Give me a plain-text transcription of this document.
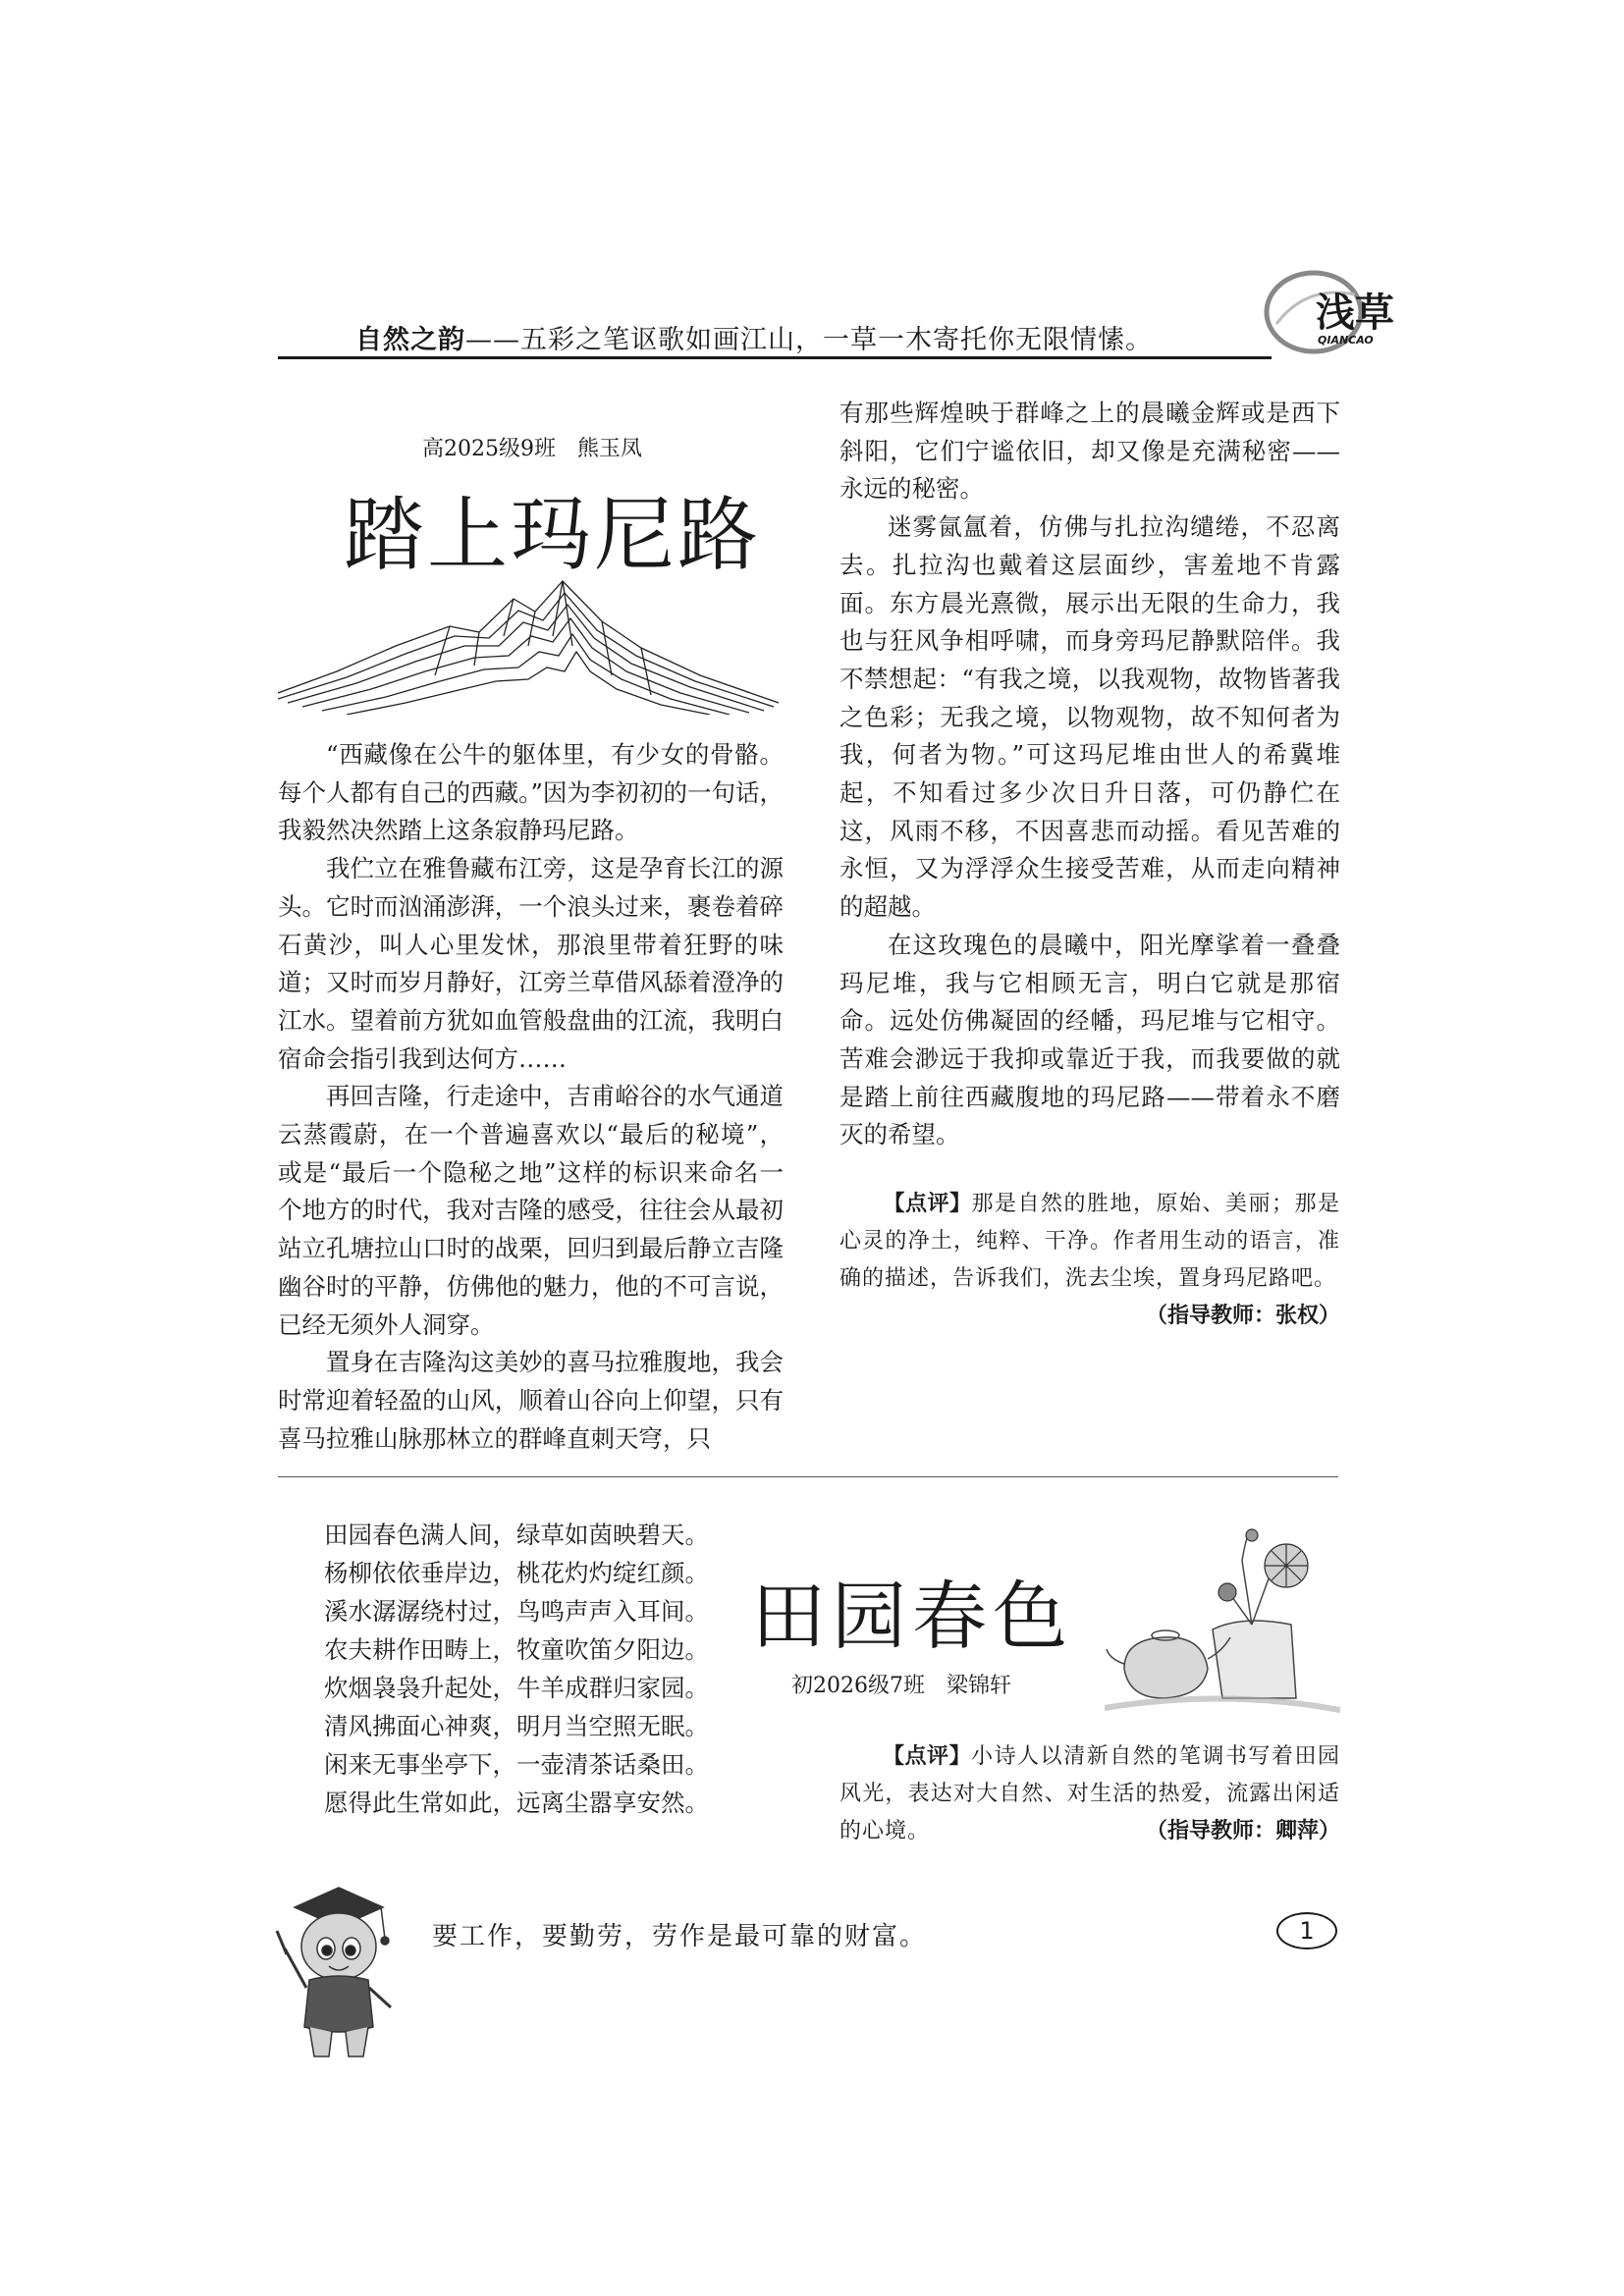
自然之韵——五彩之笔讴歌如画江山，一草一木寄托你无限情愫。
浅草
QIANCAO
高2025级9班　熊玉凤
踏上玛尼路

“西藏像在公牛的躯体里，有少女的骨骼。每个人都有自己的西藏。”因为李初初的一句话，我毅然决然踏上这条寂静玛尼路。

我伫立在雅鲁藏布江旁，这是孕育长江的源头。它时而汹涌澎湃，一个浪头过来，裹卷着碎石黄沙，叫人心里发怵，那浪里带着狂野的味道；又时而岁月静好，江旁兰草借风舔着澄净的江水。望着前方犹如血管般盘曲的江流，我明白宿命会指引我到达何方……

再回吉隆，行走途中，吉甫峪谷的水气通道云蒸霞蔚，在一个普遍喜欢以“最后的秘境”，或是“最后一个隐秘之地”这样的标识来命名一个地方的时代，我对吉隆的感受，往往会从最初站立孔塘拉山口时的战栗，回归到最后静立吉隆幽谷时的平静，仿佛他的魅力，他的不可言说，已经无须外人洞穿。

置身在吉隆沟这美妙的喜马拉雅腹地，我会时常迎着轻盈的山风，顺着山谷向上仰望，只有喜马拉雅山脉那林立的群峰直刺天穹，只

有那些辉煌映于群峰之上的晨曦金辉或是西下斜阳，它们宁谧依旧，却又像是充满秘密——永远的秘密。

迷雾氤氲着，仿佛与扎拉沟缱绻，不忍离去。扎拉沟也戴着这层面纱，害羞地不肯露面。东方晨光熹微，展示出无限的生命力，我也与狂风争相呼啸，而身旁玛尼静默陪伴。我不禁想起：“有我之境，以我观物，故物皆著我之色彩；无我之境，以物观物，故不知何者为我，何者为物。”可这玛尼堆由世人的希冀堆起，不知看过多少次日升日落，可仍静伫在这，风雨不移，不因喜悲而动摇。看见苦难的永恒，又为浮浮众生接受苦难，从而走向精神的超越。

在这玫瑰色的晨曦中，阳光摩挲着一叠叠玛尼堆，我与它相顾无言，明白它就是那宿命。远处仿佛凝固的经幡，玛尼堆与它相守。苦难会渺远于我抑或靠近于我，而我要做的就是踏上前往西藏腹地的玛尼路——带着永不磨灭的希望。

【点评】那是自然的胜地，原始、美丽；那是心灵的净土，纯粹、干净。作者用生动的语言，准确的描述，告诉我们，洗去尘埃，置身玛尼路吧。
（指导教师：张权）
田园春色满人间，绿草如茵映碧天。
杨柳依依垂岸边，桃花灼灼绽红颜。
溪水潺潺绕村过，鸟鸣声声入耳间。
农夫耕作田畴上，牧童吹笛夕阳边。
炊烟袅袅升起处，牛羊成群归家园。
清风拂面心神爽，明月当空照无眠。
闲来无事坐亭下，一壶清茶话桑田。
愿得此生常如此，远离尘嚣享安然。
田园春色
初2026级7班　梁锦轩

【点评】小诗人以清新自然的笔调书写着田园风光，表达对大自然、对生活的热爱，流露出闲适的心境。	（指导教师：卿萍）

要工作，要勤劳，劳作是最可靠的财富。	1
